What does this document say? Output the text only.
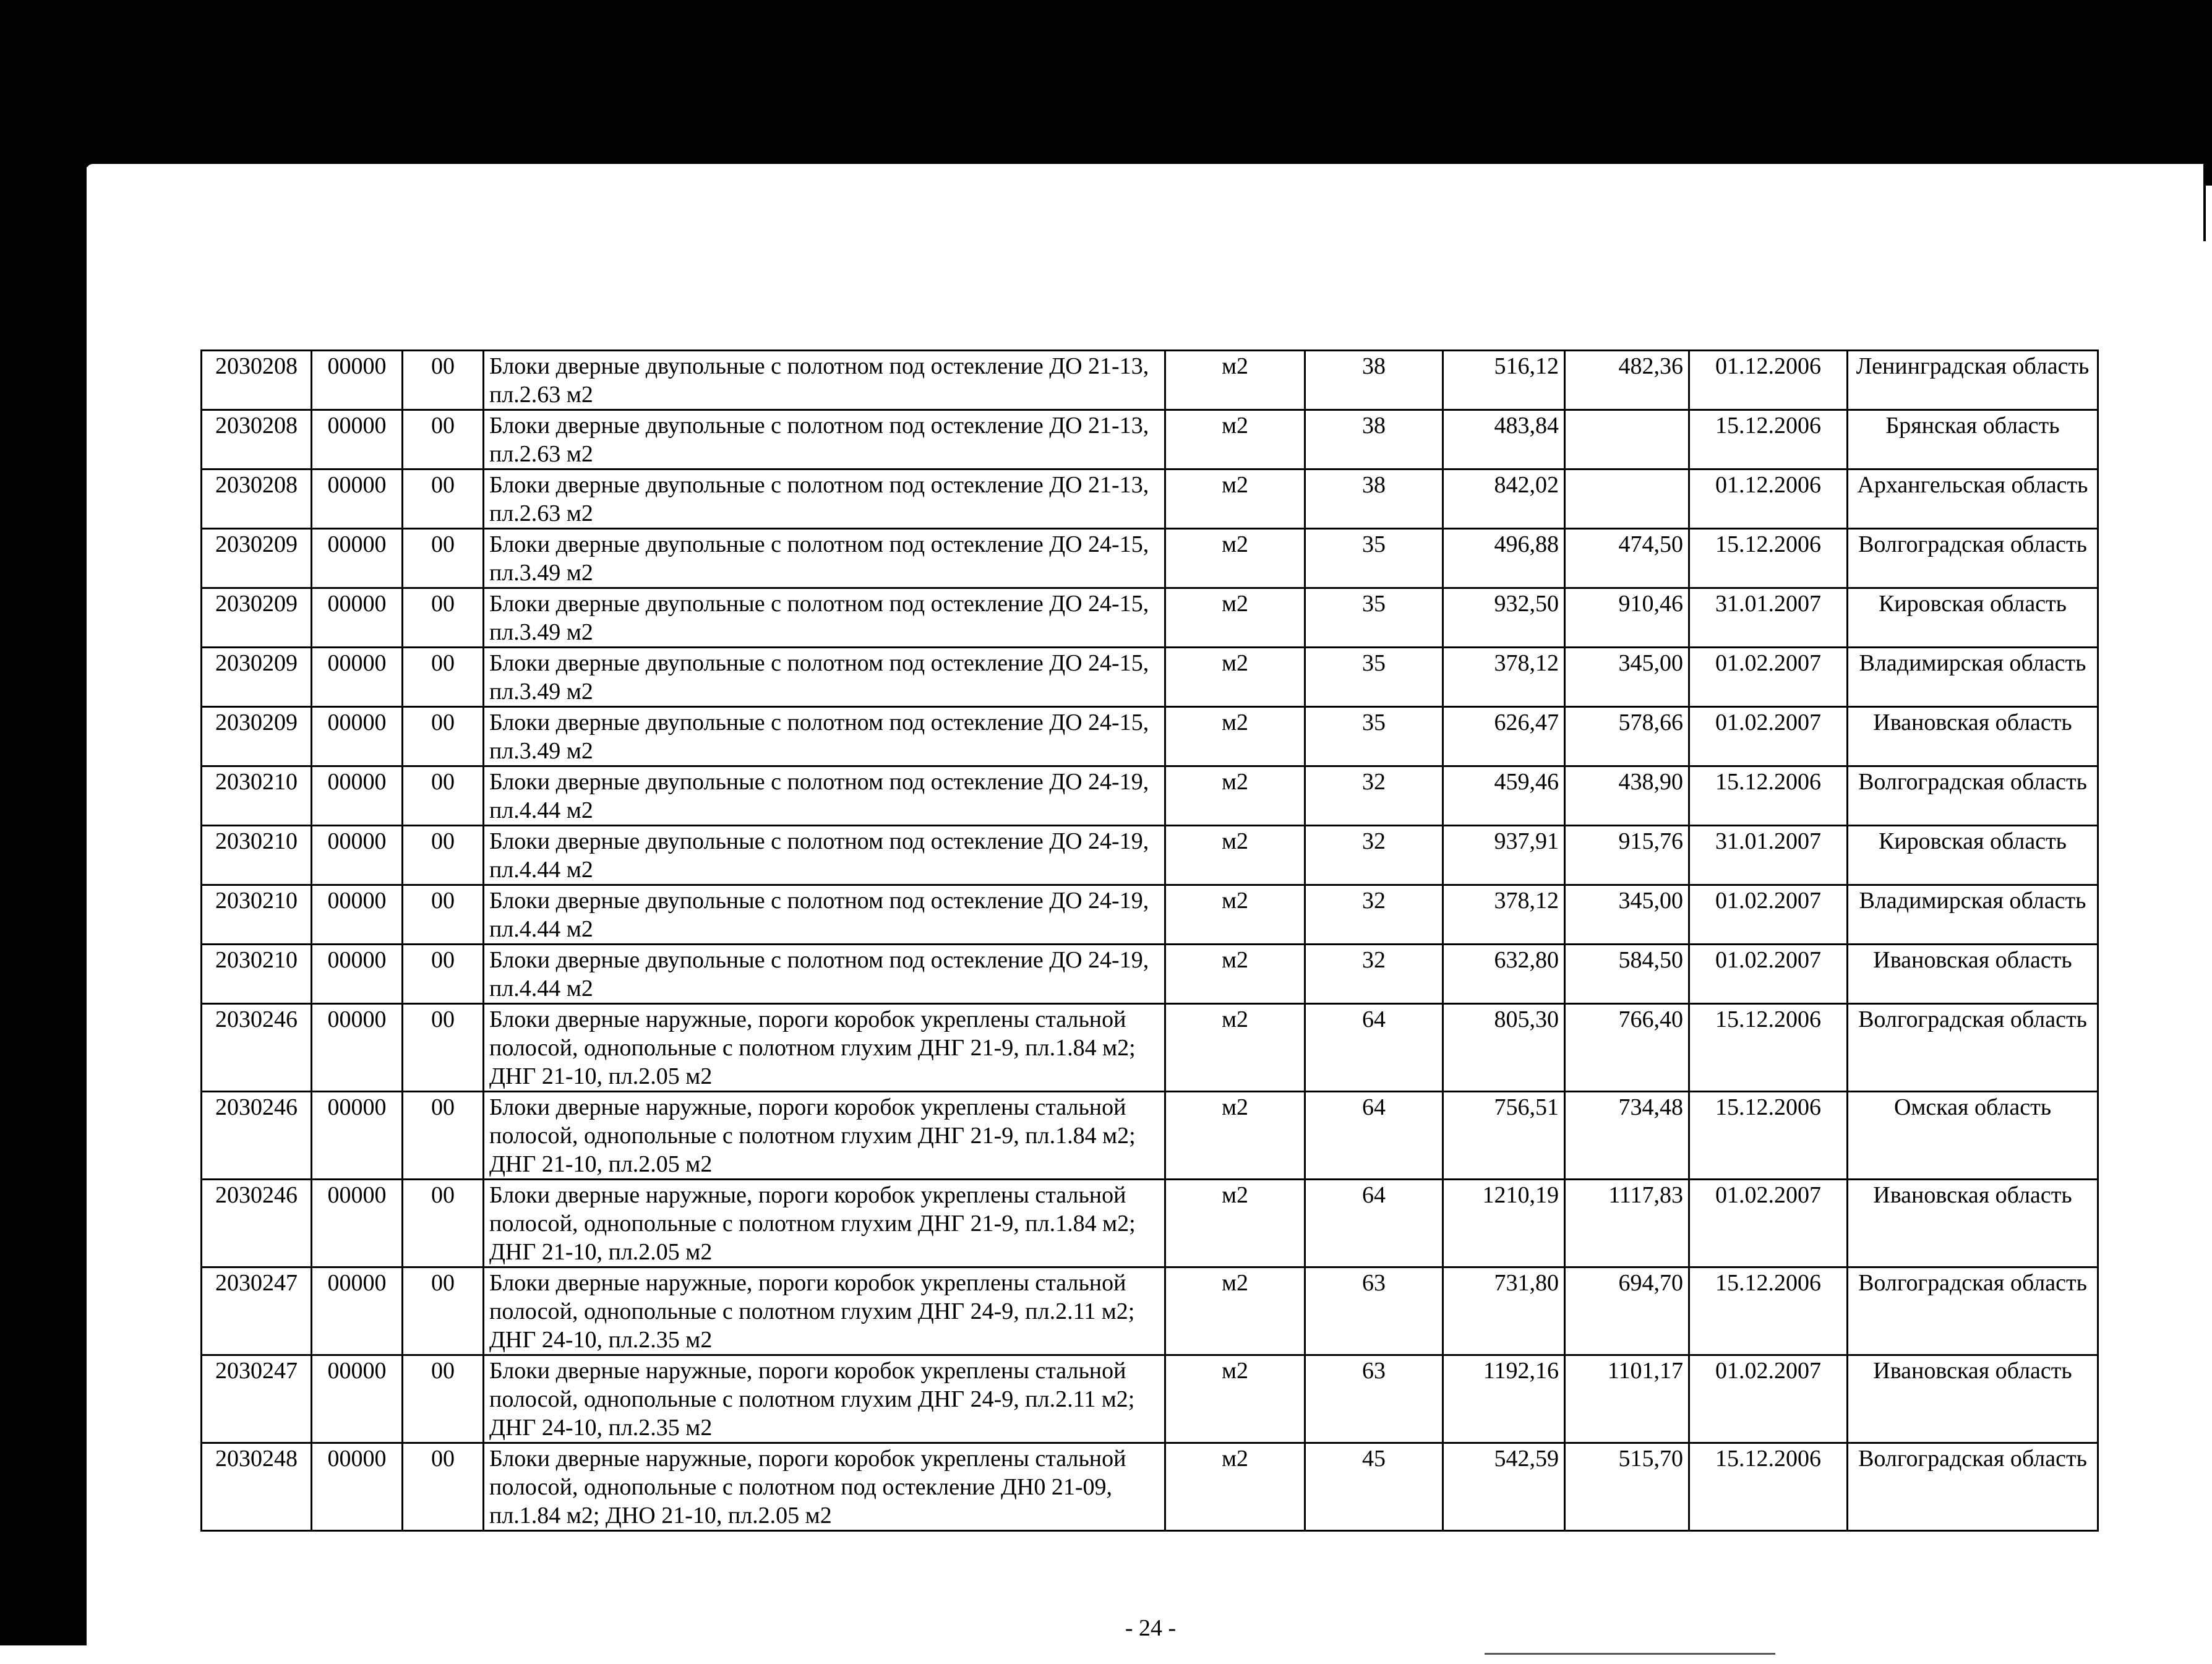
2030208	00000	00	Блоки дверные двупольные с полотном под остекление ДО 21-13, пл.2.63 м2	м2	38	516,12	482,36	01.12.2006	Ленинградская область
2030208	00000	00	Блоки дверные двупольные с полотном под остекление ДО 21-13, пл.2.63 м2	м2	38	483,84		15.12.2006	Брянская область
2030208	00000	00	Блоки дверные двупольные с полотном под остекление ДО 21-13, пл.2.63 м2	м2	38	842,02		01.12.2006	Архангельская область
2030209	00000	00	Блоки дверные двупольные с полотном под остекление ДО 24-15, пл.3.49 м2	м2	35	496,88	474,50	15.12.2006	Волгоградская область
2030209	00000	00	Блоки дверные двупольные с полотном под остекление ДО 24-15, пл.3.49 м2	м2	35	932,50	910,46	31.01.2007	Кировская область
2030209	00000	00	Блоки дверные двупольные с полотном под остекление ДО 24-15, пл.3.49 м2	м2	35	378,12	345,00	01.02.2007	Владимирская область
2030209	00000	00	Блоки дверные двупольные с полотном под остекление ДО 24-15, пл.3.49 м2	м2	35	626,47	578,66	01.02.2007	Ивановская область
2030210	00000	00	Блоки дверные двупольные с полотном под остекление ДО 24-19, пл.4.44 м2	м2	32	459,46	438,90	15.12.2006	Волгоградская область
2030210	00000	00	Блоки дверные двупольные с полотном под остекление ДО 24-19, пл.4.44 м2	м2	32	937,91	915,76	31.01.2007	Кировская область
2030210	00000	00	Блоки дверные двупольные с полотном под остекление ДО 24-19, пл.4.44 м2	м2	32	378,12	345,00	01.02.2007	Владимирская область
2030210	00000	00	Блоки дверные двупольные с полотном под остекление ДО 24-19, пл.4.44 м2	м2	32	632,80	584,50	01.02.2007	Ивановская область
2030246	00000	00	Блоки дверные наружные, пороги коробок укреплены стальной полосой, однопольные с полотном глухим ДНГ 21-9, пл.1.84 м2; ДНГ 21-10, пл.2.05 м2	м2	64	805,30	766,40	15.12.2006	Волгоградская область
2030246	00000	00	Блоки дверные наружные, пороги коробок укреплены стальной полосой, однопольные с полотном глухим ДНГ 21-9, пл.1.84 м2; ДНГ 21-10, пл.2.05 м2	м2	64	756,51	734,48	15.12.2006	Омская область
2030246	00000	00	Блоки дверные наружные, пороги коробок укреплены стальной полосой, однопольные с полотном глухим ДНГ 21-9, пл.1.84 м2; ДНГ 21-10, пл.2.05 м2	м2	64	1210,19	1117,83	01.02.2007	Ивановская область
2030247	00000	00	Блоки дверные наружные, пороги коробок укреплены стальной полосой, однопольные с полотном глухим ДНГ 24-9, пл.2.11 м2; ДНГ 24-10, пл.2.35 м2	м2	63	731,80	694,70	15.12.2006	Волгоградская область
2030247	00000	00	Блоки дверные наружные, пороги коробок укреплены стальной полосой, однопольные с полотном глухим ДНГ 24-9, пл.2.11 м2; ДНГ 24-10, пл.2.35 м2	м2	63	1192,16	1101,17	01.02.2007	Ивановская область
2030248	00000	00	Блоки дверные наружные, пороги коробок укреплены стальной полосой, однопольные с полотном под остекление ДН0 21-09, пл.1.84 м2; ДНО 21-10, пл.2.05 м2	м2	45	542,59	515,70	15.12.2006	Волгоградская область
- 24 -
